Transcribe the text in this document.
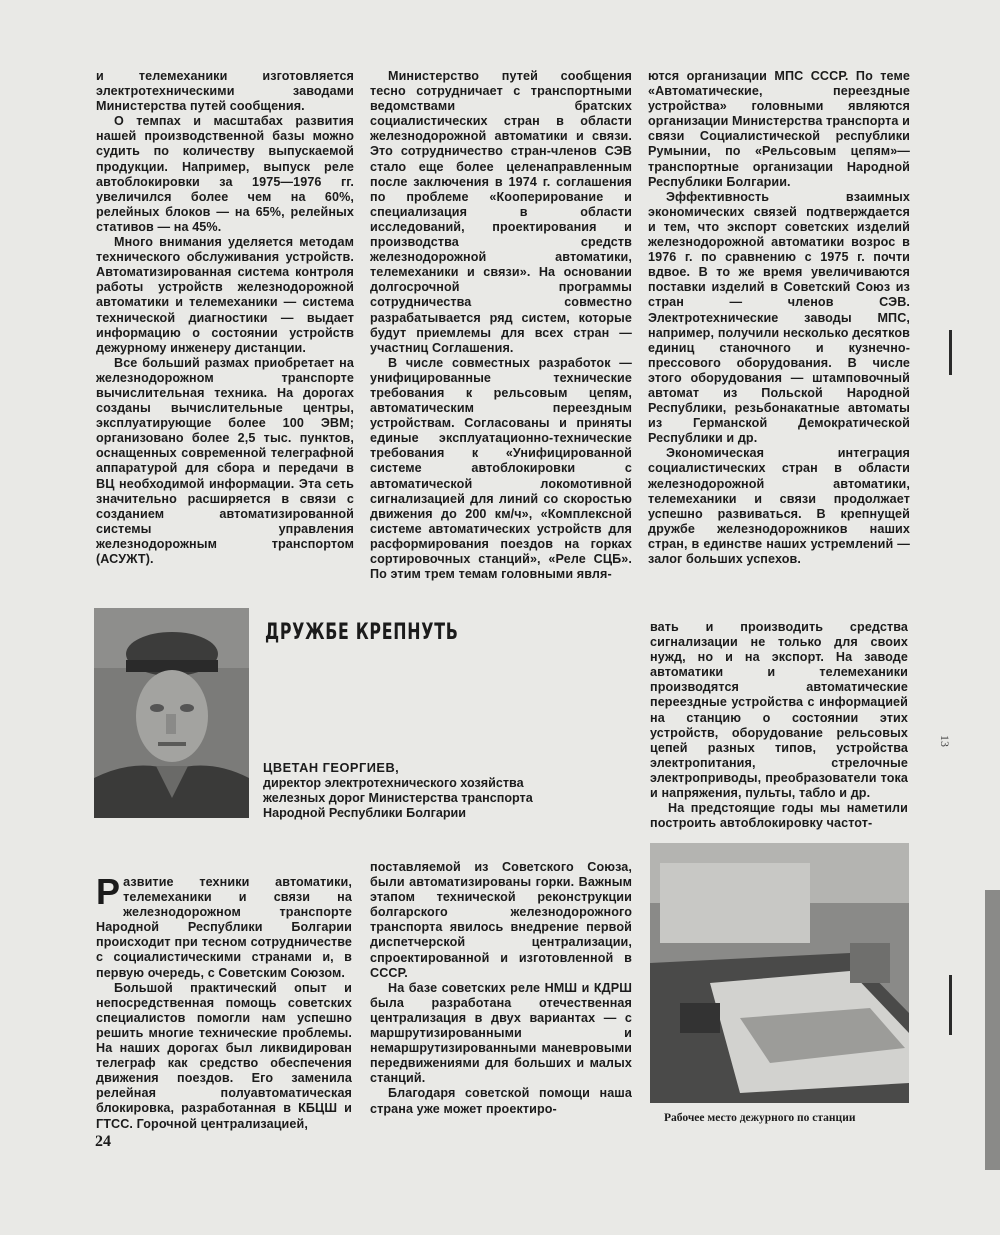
и телемеханики изготовляется электротехническими заводами Министерства путей сообщения.

О темпах и масштабах развития нашей производственной базы можно судить по количеству выпускаемой продукции. Например, выпуск реле автоблокировки за 1975—1976 гг. увеличился более чем на 60%, релейных блоков — на 65%, релейных стативов — на 45%.

Много внимания уделяется методам технического обслуживания устройств. Автоматизированная система контроля работы устройств железнодорожной автоматики и телемеханики — система технической диагностики — выдает информацию о состоянии устройств дежурному инженеру дистанции.

Все больший размах приобретает на железнодорожном транспорте вычислительная техника. На дорогах созданы вычислительные центры, эксплуатирующие более 100 ЭВМ; организовано более 2,5 тыс. пунктов, оснащенных современной телеграфной аппаратурой для сбора и передачи в ВЦ необходимой информации. Эта сеть значительно расширяется в связи с созданием автоматизированной системы управления железнодорожным транспортом (АСУЖТ).

Министерство путей сообщения тесно сотрудничает с транспортными ведомствами братских социалистических стран в области железнодорожной автоматики и связи. Это сотрудничество стран-членов СЭВ стало еще более целенаправленным после заключения в 1974 г. соглашения по проблеме «Кооперирование и специализация в области исследований, проектирования и производства средств железнодорожной автоматики, телемеханики и связи». На основании долгосрочной программы сотрудничества совместно разрабатывается ряд систем, которые будут приемлемы для всех стран — участниц Соглашения.

В числе совместных разработок — унифицированные технические требования к рельсовым цепям, автоматическим переездным устройствам. Согласованы и приняты единые эксплуатационно-технические требования к «Унифицированной системе автоблокировки с автоматической локомотивной сигнализацией для линий со скоростью движения до 200 км/ч», «Комплексной системе автоматических устройств для расформирования поездов на горках сортировочных станций», «Реле СЦБ». По этим трем темам головными явля-

ются организации МПС СССР. По теме «Автоматические, переездные устройства» головными являются организации Министерства транспорта и связи Социалистической республики Румынии, по «Рельсовым цепям»— транспортные организации Народной Республики Болгарии.

Эффективность взаимных экономических связей подтверждается и тем, что экспорт советских изделий железнодорожной автоматики возрос в 1976 г. по сравнению с 1975 г. почти вдвое. В то же время увеличиваются поставки изделий в Советский Союз из стран — членов СЭВ. Электротехнические заводы МПС, например, получили несколько десятков единиц станочного и кузнечно-прессового оборудования. В числе этого оборудования — штамповочный автомат из Польской Народной Республики, резьбонакатные автоматы из Германской Демократической Республики и др.

Экономическая интеграция социалистических стран в области железнодорожной автоматики, телемеханики и связи продолжает успешно развиваться. В крепнущей дружбе железнодорожников наших стран, в единстве наших устремлений — залог больших успехов.

ДРУЖБЕ КРЕПНУТЬ
ЦВЕТАН ГЕОРГИЕВ,
директор электротехнического хозяйства железных дорог Министерства транспорта Народной Республики Болгарии

Развитие техники автоматики, телемеханики и связи на железнодорожном транспорте Народной Республики Болгарии происходит при тесном сотрудничестве с социалистическими странами и, в первую очередь, с Советским Союзом.

Большой практический опыт и непосредственная помощь советских специалистов помогли нам успешно решить многие технические проблемы. На наших дорогах был ликвидирован телеграф как средство обеспечения движения поездов. Его заменила релейная полуавтоматическая блокировка, разработанная в КБЦШ и ГТСС. Горочной централизацией,

поставляемой из Советского Союза, были автоматизированы горки. Важным этапом технической реконструкции болгарского железнодорожного транспорта явилось внедрение первой диспетчерской централизации, спроектированной и изготовленной в СССР.

На базе советских реле НМШ и КДРШ была разработана отечественная централизация в двух вариантах — с маршрутизированными и немаршрутизированными маневровыми передвижениями для больших и малых станций.

Благодаря советской помощи наша страна уже может проектиро-

вать и производить средства сигнализации не только для своих нужд, но и на экспорт. На заводе автоматики и телемеханики производятся автоматические переездные устройства с информацией на станцию о состоянии этих устройств, оборудование рельсовых цепей разных типов, устройства электропитания, стрелочные электроприводы, преобразователи тока и напряжения, пульты, табло и др.

На предстоящие годы мы наметили построить автоблокировку частот-

Рабочее место дежурного по станции
24
13
